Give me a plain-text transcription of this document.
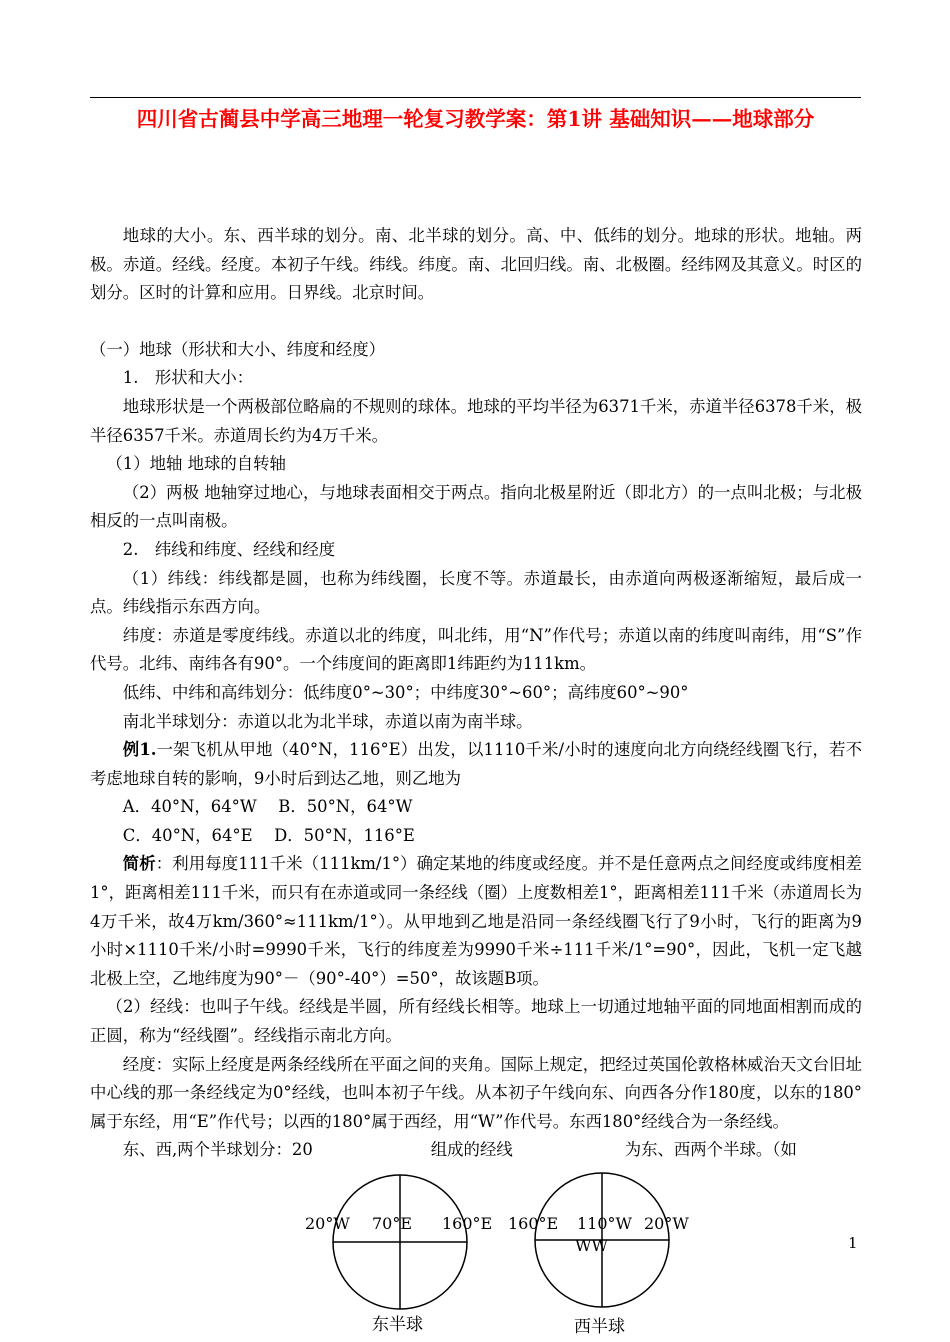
四川省古蔺县中学高三地理一轮复习教学案：第1讲 基础知识——地球部分

地球的大小。东、西半球的划分。南、北半球的划分。高、中、低纬的划分。地球的形状。地轴。两极。赤道。经线。经度。本初子午线。纬线。纬度。南、北回归线。南、北极圈。经纬网及其意义。时区的划分。区时的计算和应用。日界线。北京时间。

（一）地球（形状和大小、纬度和经度）

1.　形状和大小：

地球形状是一个两极部位略扁的不规则的球体。地球的平均半径为6371千米，赤道半径6378千米，极半径6357千米。赤道周长约为4万千米。

（1）地轴 地球的自转轴

（2）两极 地轴穿过地心，与地球表面相交于两点。指向北极星附近（即北方）的一点叫北极；与北极相反的一点叫南极。

2.　纬线和纬度、经线和经度

（1）纬线：纬线都是圆，也称为纬线圈，长度不等。赤道最长，由赤道向两极逐渐缩短，最后成一点。纬线指示东西方向。

纬度：赤道是零度纬线。赤道以北的纬度，叫北纬，用“N”作代号；赤道以南的纬度叫南纬，用“S”作代号。北纬、南纬各有90°。一个纬度间的距离即1纬距约为111km。

低纬、中纬和高纬划分：低纬度0°~30°；中纬度30°~60°；高纬度60°~90°

南北半球划分：赤道以北为北半球，赤道以南为南半球。

例1.一架飞机从甲地（40°N，116°E）出发，以1110千米/小时的速度向北方向绕经线圈飞行，若不考虑地球自转的影响，9小时后到达乙地，则乙地为

A．40°N，64°W　 B．50°N，64°W

C．40°N，64°E　 D．50°N，116°E

简析：利用每度111千米（111km/1°）确定某地的纬度或经度。并不是任意两点之间经度或纬度相差1°，距离相差111千米，而只有在赤道或同一条经线（圈）上度数相差1°，距离相差111千米（赤道周长为4万千米，故4万km/360°≈111km/1°）。从甲地到乙地是沿同一条经线圈飞行了9小时，飞行的距离为9小时×1110千米/小时=9990千米，飞行的纬度差为9990千米÷111千米/1°=90°，因此，飞机一定飞越北极上空，乙地纬度为90°－（90°-40°）=50°，故该题B项。

（2）经线：也叫子午线。经线是半圆，所有经线长相等。地球上一切通过地轴平面的同地面相割而成的正圆，称为“经线圈”。经线指示南北方向。

经度：实际上经度是两条经线所在平面之间的夹角。国际上规定，把经过英国伦敦格林威治天文台旧址中心线的那一条经线定为0°经线，也叫本初子午线。从本初子午线向东、向西各分作180度，以东的180°属于东经，用“E”作代号；以西的180°属于西经，用“W”作代号。东西180°经线合为一条经线。

东、西,两个半球划分：20	组成的经线	为东、西两个半球。（如

20°W 70°E 160°E 160°E 110°W 20°W
WW
东半球	西半球
1
